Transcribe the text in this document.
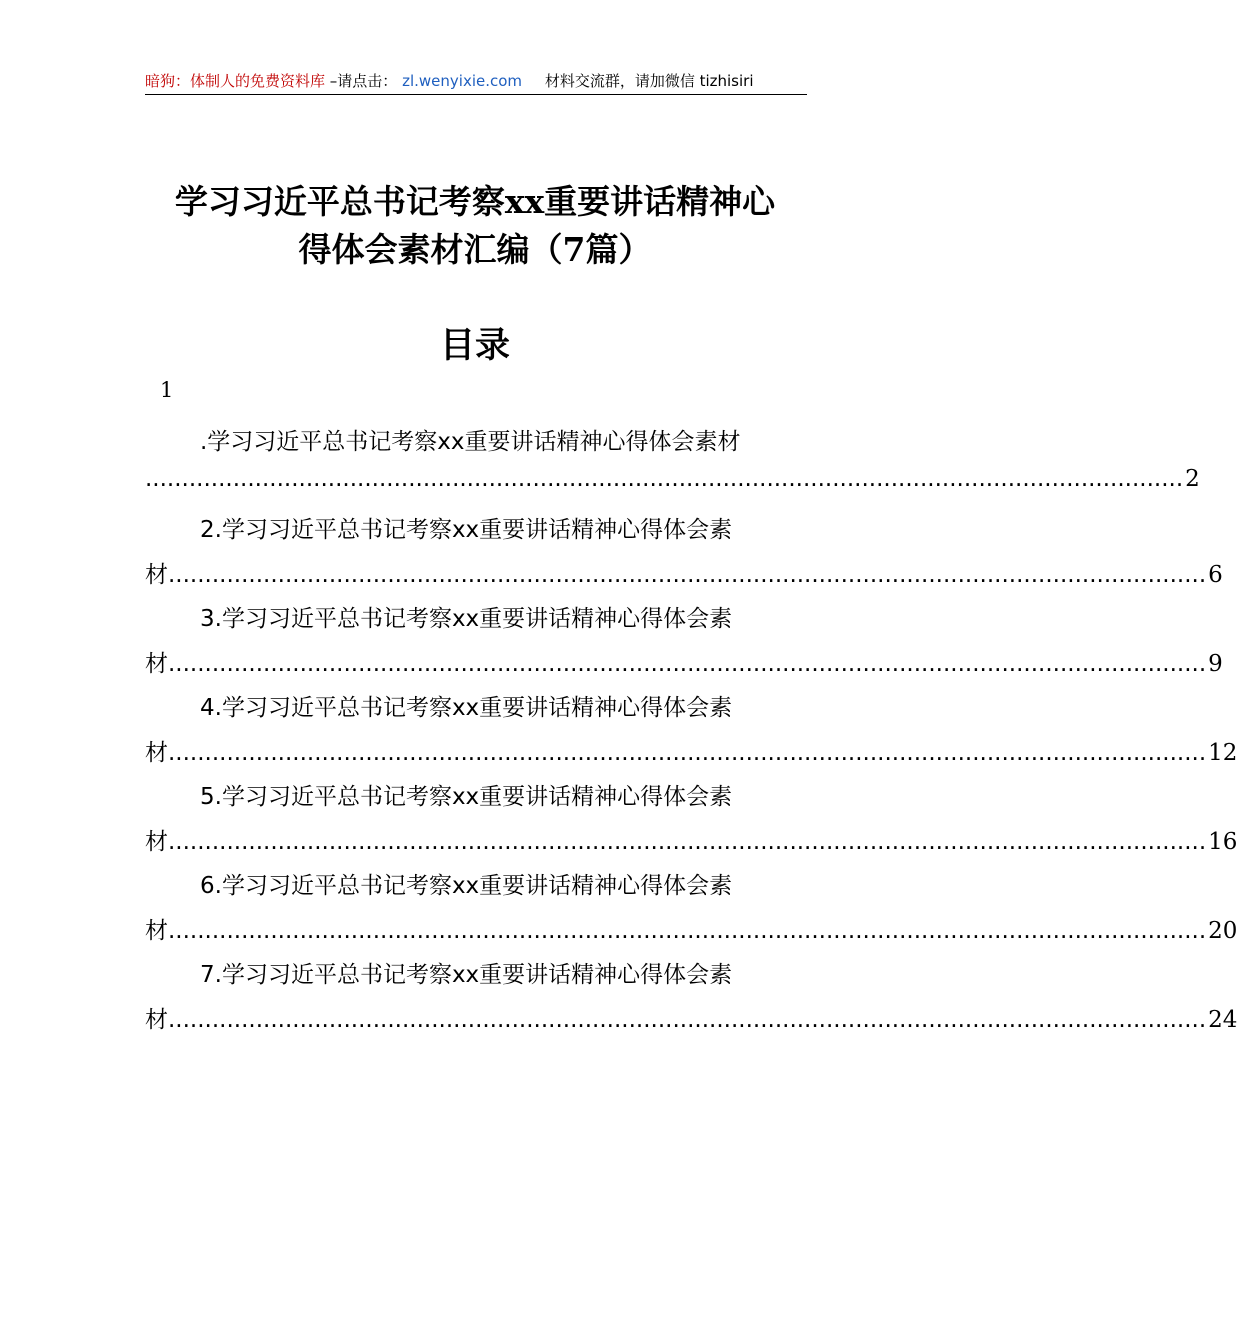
暗狗：体制人的免费资料库 –请点击： zl.wenyixie.com 材料交流群，请加微信 tizhisiri
学习习近平总书记考察xx重要讲话精神心
得体会素材汇编（7篇）
目录
1
.学习习近平总书记考察xx重要讲话精神心得体会素材
.............................................................................................................................................. 2
2.学习习近平总书记考察xx重要讲话精神心得体会素
材 .............................................................................................................................................. 6
3.学习习近平总书记考察xx重要讲话精神心得体会素
材 .............................................................................................................................................. 9
4.学习习近平总书记考察xx重要讲话精神心得体会素
材 .............................................................................................................................................. 12
5.学习习近平总书记考察xx重要讲话精神心得体会素
材 .............................................................................................................................................. 16
6.学习习近平总书记考察xx重要讲话精神心得体会素
材 .............................................................................................................................................. 20
7.学习习近平总书记考察xx重要讲话精神心得体会素
材 .............................................................................................................................................. 24
